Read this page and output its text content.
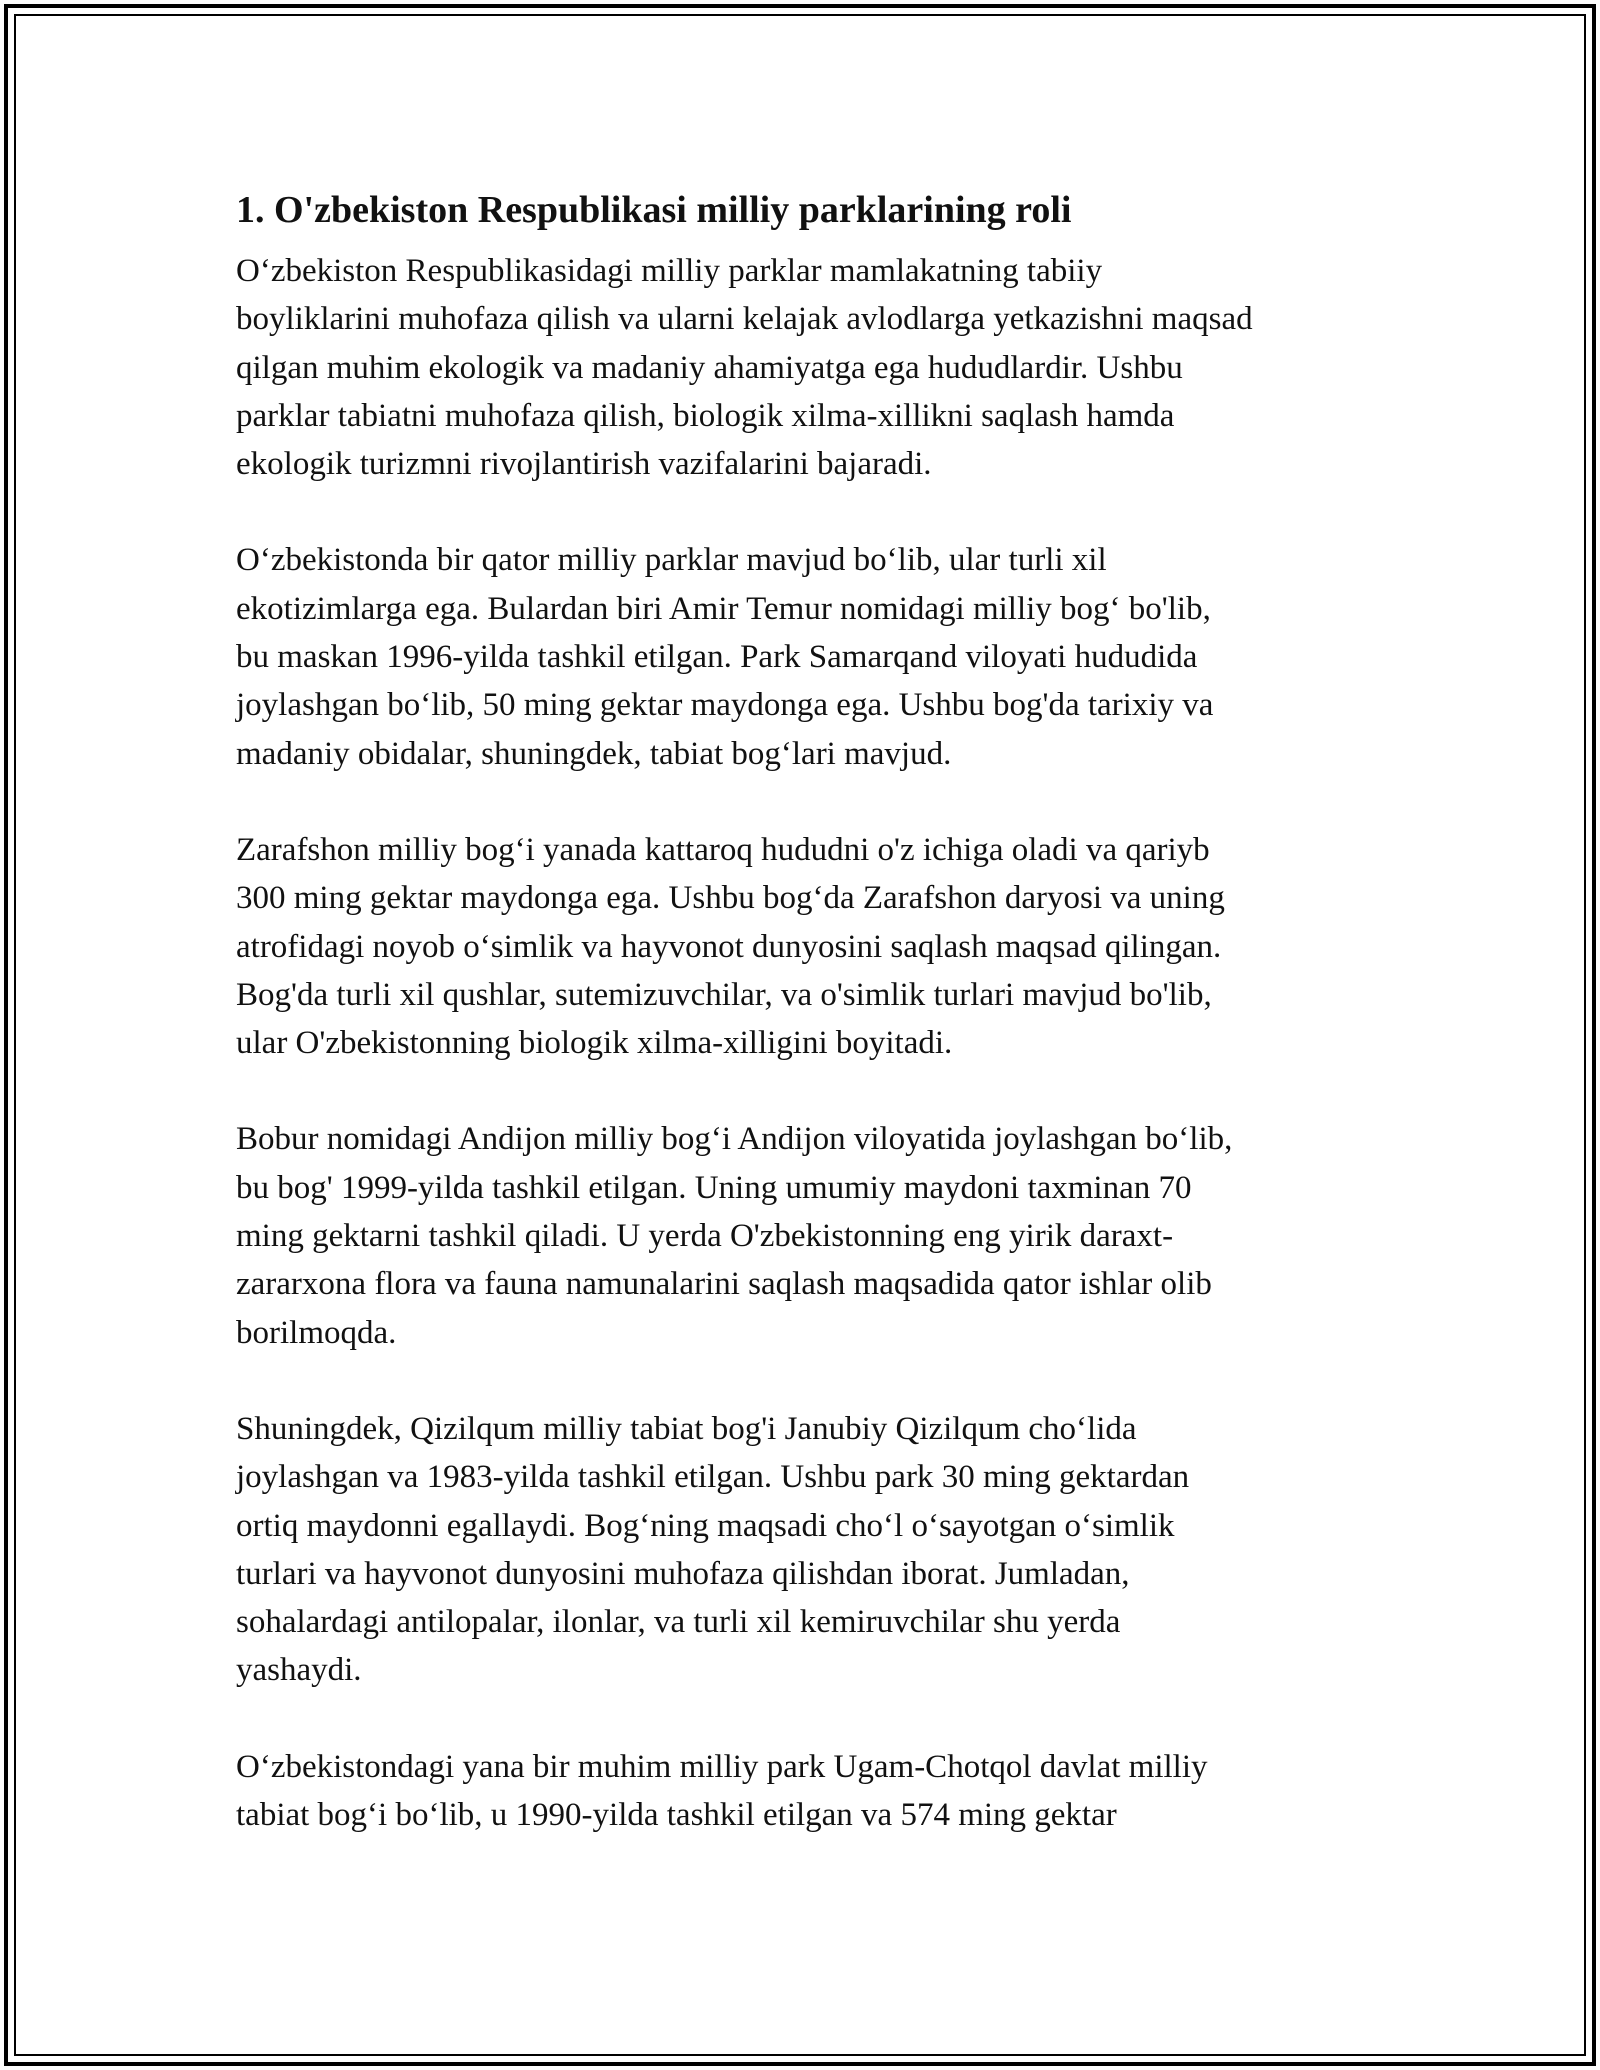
1. O'zbekiston Respublikasi milliy parklarining roli
O‘zbekiston Respublikasidagi milliy parklar mamlakatning tabiiy
boyliklarini muhofaza qilish va ularni kelajak avlodlarga yetkazishni maqsad
qilgan muhim ekologik va madaniy ahamiyatga ega hududlardir. Ushbu
parklar tabiatni muhofaza qilish, biologik xilma-xillikni saqlash hamda
ekologik turizmni rivojlantirish vazifalarini bajaradi.
O‘zbekistonda bir qator milliy parklar mavjud bo‘lib, ular turli xil
ekotizimlarga ega. Bulardan biri Amir Temur nomidagi milliy bog‘ bo'lib,
bu maskan 1996-yilda tashkil etilgan. Park Samarqand viloyati hududida
joylashgan bo‘lib, 50 ming gektar maydonga ega. Ushbu bog'da tarixiy va
madaniy obidalar, shuningdek, tabiat bog‘lari mavjud.
Zarafshon milliy bog‘i yanada kattaroq hududni o'z ichiga oladi va qariyb
300 ming gektar maydonga ega. Ushbu bog‘da Zarafshon daryosi va uning
atrofidagi noyob o‘simlik va hayvonot dunyosini saqlash maqsad qilingan.
Bog'da turli xil qushlar, sutemizuvchilar, va o'simlik turlari mavjud bo'lib,
ular O'zbekistonning biologik xilma-xilligini boyitadi.
Bobur nomidagi Andijon milliy bog‘i Andijon viloyatida joylashgan bo‘lib,
bu bog' 1999-yilda tashkil etilgan. Uning umumiy maydoni taxminan 70
ming gektarni tashkil qiladi. U yerda O'zbekistonning eng yirik daraxt-
zararxona flora va fauna namunalarini saqlash maqsadida qator ishlar olib
borilmoqda.
Shuningdek, Qizilqum milliy tabiat bog'i Janubiy Qizilqum cho‘lida
joylashgan va 1983-yilda tashkil etilgan. Ushbu park 30 ming gektardan
ortiq maydonni egallaydi. Bog‘ning maqsadi cho‘l o‘sayotgan o‘simlik
turlari va hayvonot dunyosini muhofaza qilishdan iborat. Jumladan,
sohalardagi antilopalar, ilonlar, va turli xil kemiruvchilar shu yerda
yashaydi.
O‘zbekistondagi yana bir muhim milliy park Ugam-Chotqol davlat milliy
tabiat bog‘i bo‘lib, u 1990-yilda tashkil etilgan va 574 ming gektar
